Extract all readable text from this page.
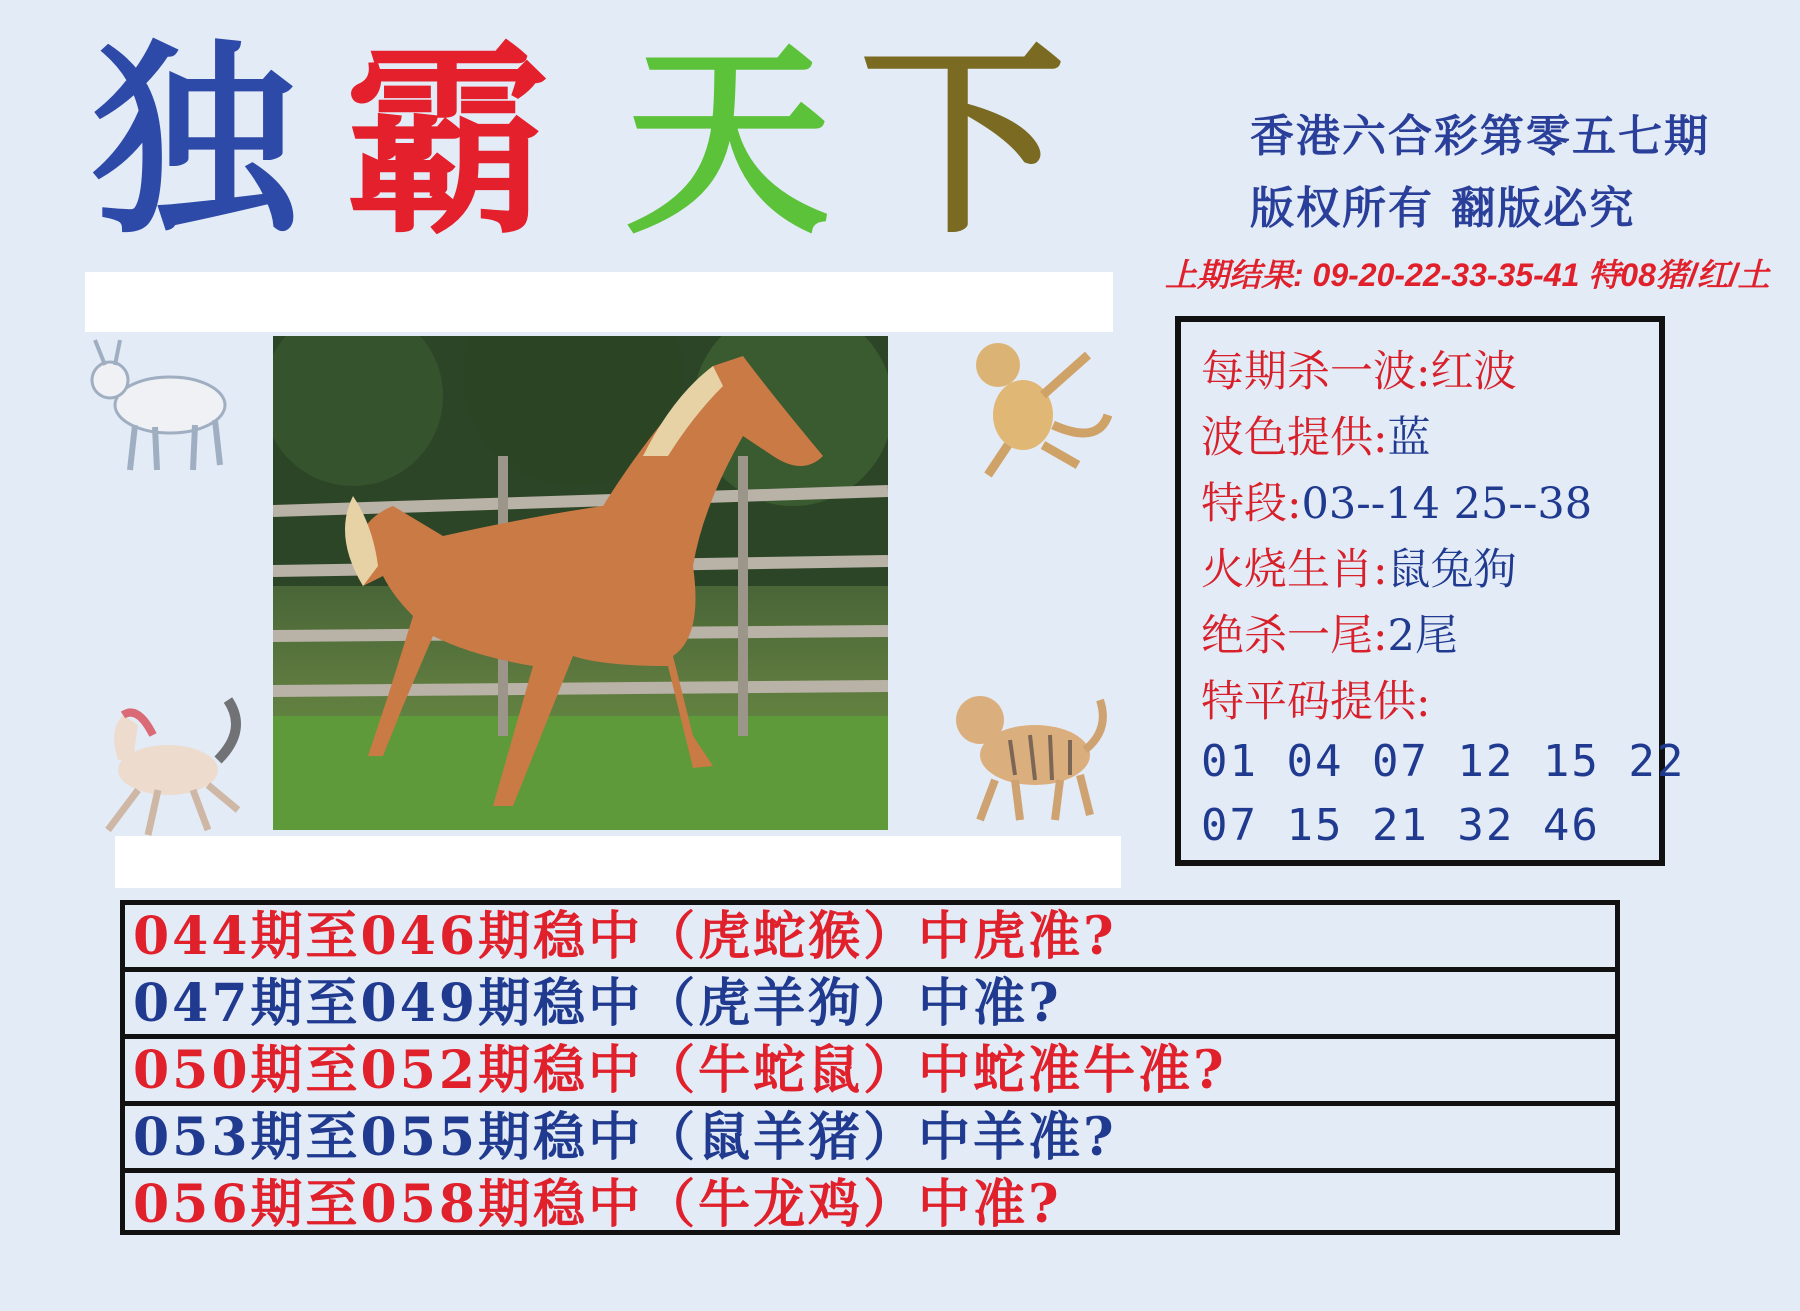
独 霸 天 下	香港六合彩第零五七期
版权所有 翻版必究
上期结果: 09-20-22-33-35-41 特08猪/红/土
每期杀一波:红波
波色提供:蓝
特段:03--14 25--38
火烧生肖:鼠兔狗
绝杀一尾:2尾
特平码提供:
01 04 07 12 15 22
07 15 21 32 46
044期至046期稳中（虎蛇猴）中虎准?
047期至049期稳中（虎羊狗）中准?
050期至052期稳中（牛蛇鼠）中蛇准牛准?
053期至055期稳中（鼠羊猪）中羊准?
056期至058期稳中（牛龙鸡）中准?
